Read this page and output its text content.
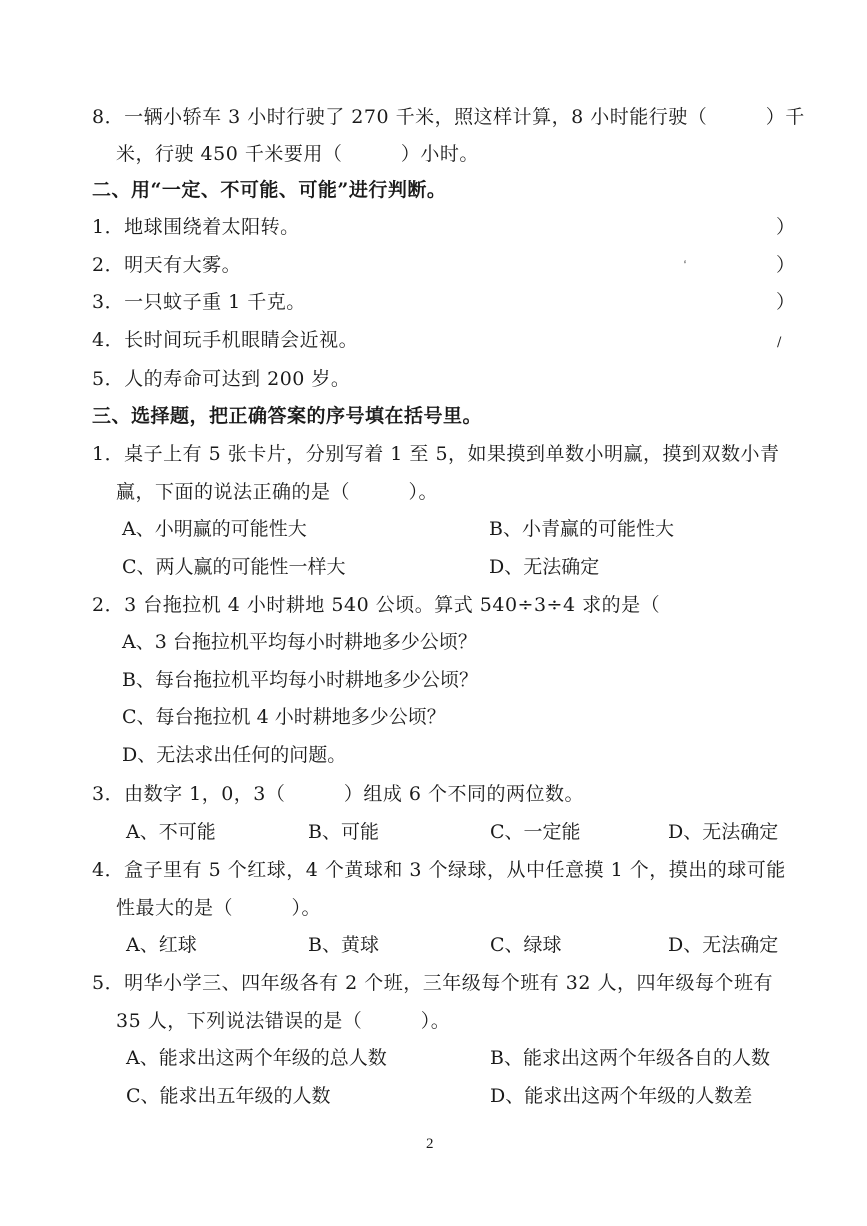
8．一辆小轿车 3 小时行驶了 270 千米，照这样计算，8 小时能行驶（　　　）千
米，行驶 450 千米要用（　　　）小时。
二、用“一定、不可能、可能”进行判断。
1．地球围绕着太阳转。	）
2．明天有大雾。	ʻ	）
3．一只蚊子重 1 千克。	）
4．长时间玩手机眼睛会近视。	/
5．人的寿命可达到 200 岁。
三、选择题，把正确答案的序号填在括号里。
1．桌子上有 5 张卡片，分别写着 1 至 5，如果摸到单数小明赢，摸到双数小青
赢，下面的说法正确的是（　　　）。
A、小明赢的可能性大	B、小青赢的可能性大
C、两人赢的可能性一样大	D、无法确定
2．3 台拖拉机 4 小时耕地 540 公顷。算式 540÷3÷4 求的是（
A、3 台拖拉机平均每小时耕地多少公顷？
B、每台拖拉机平均每小时耕地多少公顷？
C、每台拖拉机 4 小时耕地多少公顷？
D、无法求出任何的问题。
3．由数字 1，0，3（　　　）组成 6 个不同的两位数。
A、不可能	B、可能	C、一定能	D、无法确定
4．盒子里有 5 个红球，4 个黄球和 3 个绿球，从中任意摸 1 个，摸出的球可能
性最大的是（　　　）。
A、红球	B、黄球	C、绿球	D、无法确定
5．明华小学三、四年级各有 2 个班，三年级每个班有 32 人，四年级每个班有
35 人，下列说法错误的是（　　　）。
A、能求出这两个年级的总人数	B、能求出这两个年级各自的人数
C、能求出五年级的人数	D、能求出这两个年级的人数差
2
